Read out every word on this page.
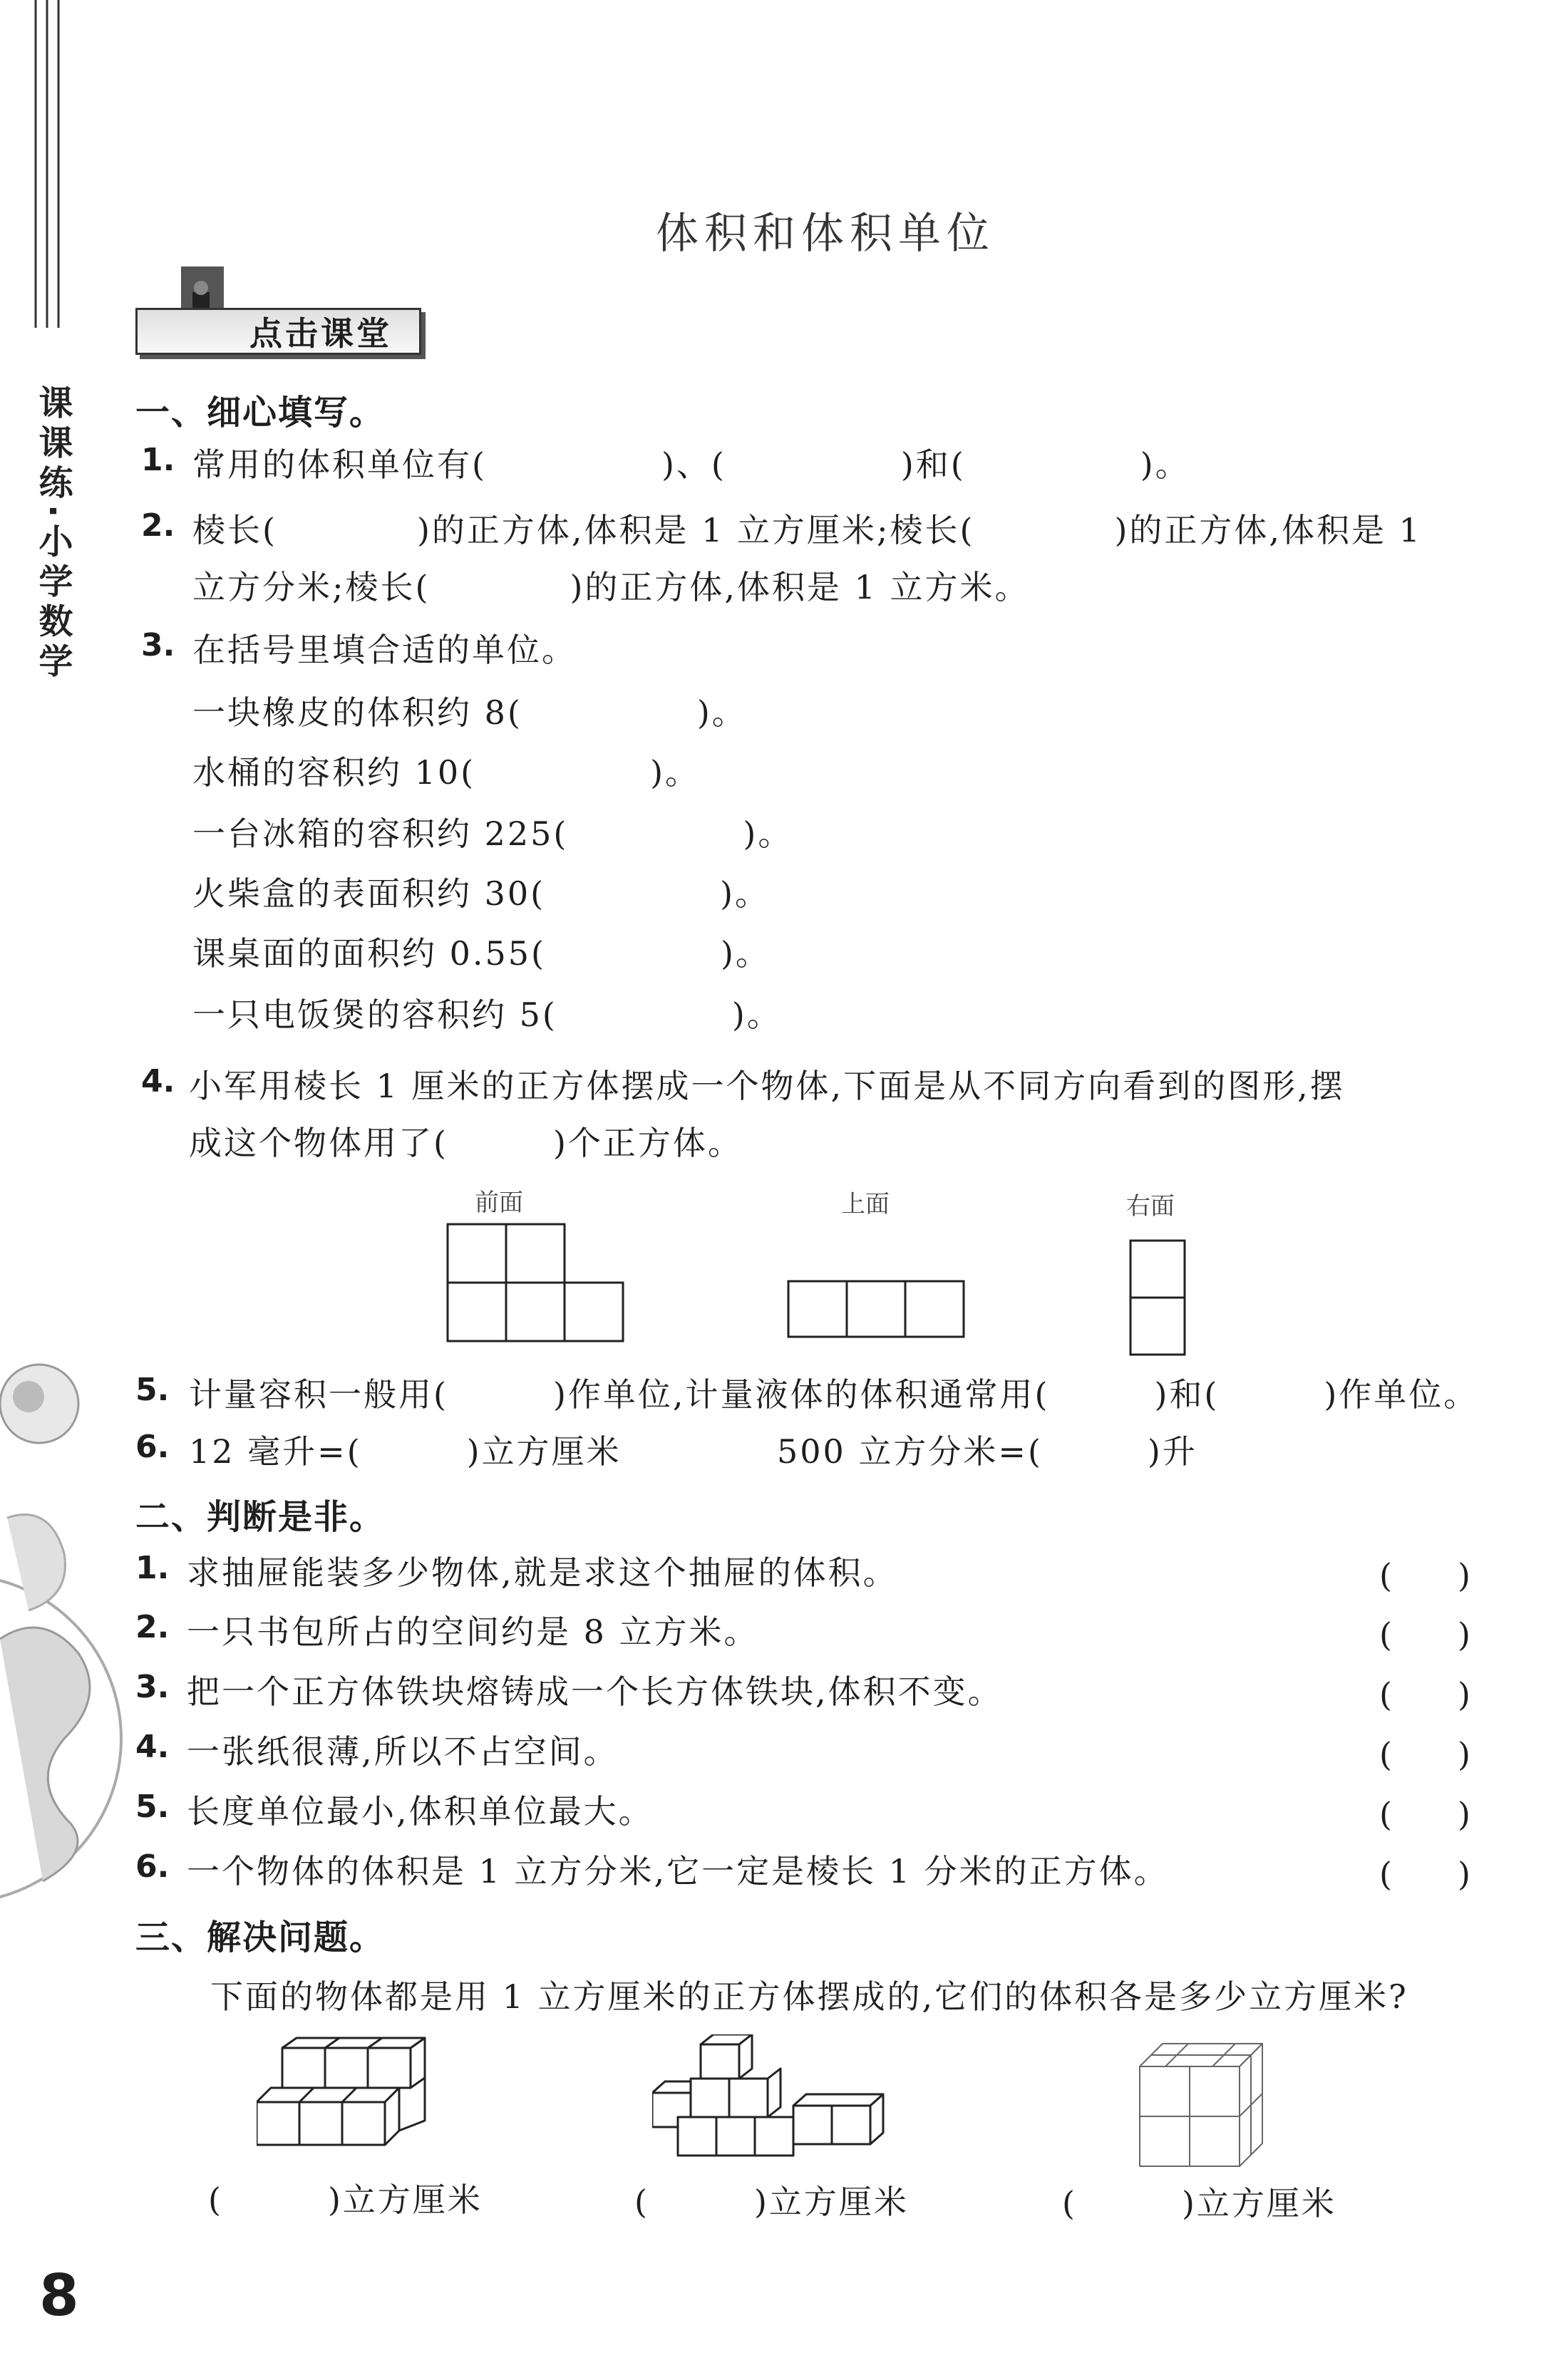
课课练·小学数学
体积和体积单位
点击课堂
一、细心填写。
1. 常用的体积单位有(　　　　　)、(　　　　　)和(　　　　　)。
2. 棱长(　　　　)的正方体,体积是 1 立方厘米;棱长(　　　　)的正方体,体积是 1
立方分米;棱长(　　　　)的正方体,体积是 1 立方米。
3. 在括号里填合适的单位。
一块橡皮的体积约 8(　　　　　)。
水桶的容积约 10(　　　　　)。
一台冰箱的容积约 225(　　　　　)。
火柴盒的表面积约 30(　　　　　)。
课桌面的面积约 0.55(　　　　　)。
一只电饭煲的容积约 5(　　　　　)。
4. 小军用棱长 1 厘米的正方体摆成一个物体,下面是从不同方向看到的图形,摆
成这个物体用了(　　　)个正方体。
前面	上面	右面
5. 计量容积一般用(　　　)作单位,计量液体的体积通常用(　　　)和(　　　)作单位。
6. 12 毫升=(　　　)立方厘米	500 立方分米=(　　　)升
二、判断是非。
1. 求抽屉能装多少物体,就是求这个抽屉的体积。	(　　)
2. 一只书包所占的空间约是 8 立方米。	(　　)
3. 把一个正方体铁块熔铸成一个长方体铁块,体积不变。	(　　)
4. 一张纸很薄,所以不占空间。	(　　)
5. 长度单位最小,体积单位最大。	(　　)
6. 一个物体的体积是 1 立方分米,它一定是棱长 1 分米的正方体。	(　　)
三、解决问题。
下面的物体都是用 1 立方厘米的正方体摆成的,它们的体积各是多少立方厘米?
(　　　)立方厘米	(　　　)立方厘米	(　　　)立方厘米
8
